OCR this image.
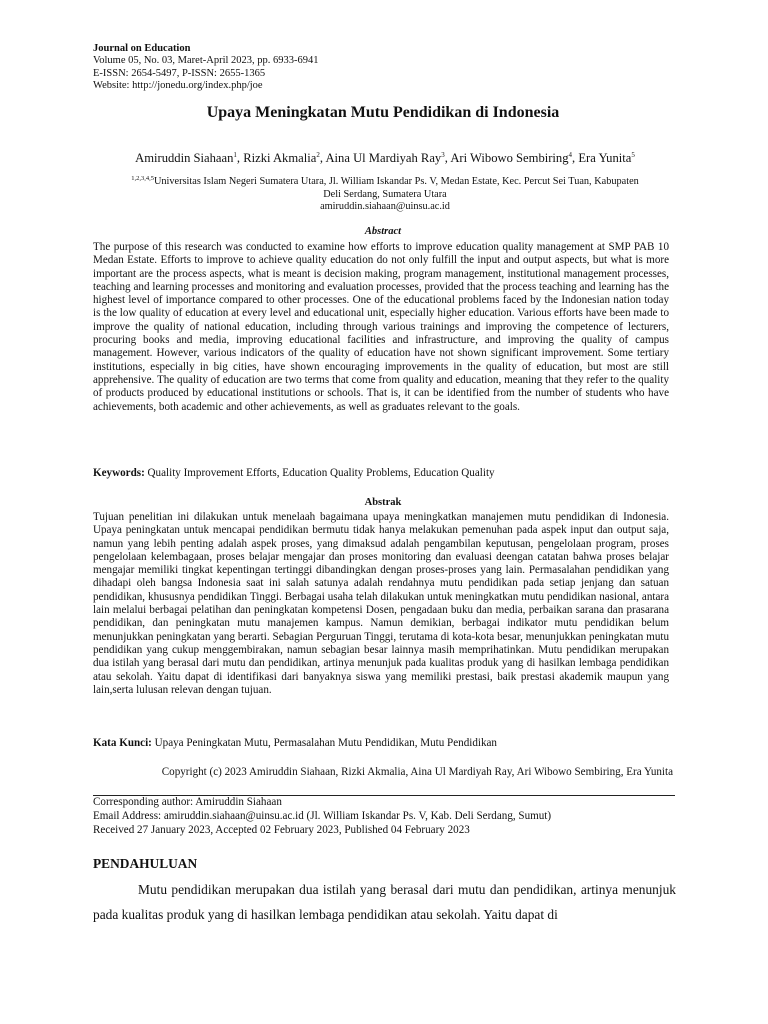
Journal on Education
Volume 05, No. 03, Maret-April 2023, pp. 6933-6941
E-ISSN: 2654-5497, P-ISSN: 2655-1365
Website: http://jonedu.org/index.php/joe
Upaya Meningkatan Mutu Pendidikan di Indonesia
Amiruddin Siahaan$^1$, Rizki Akmalia$^2$, Aina Ul Mardiyah Ray$^3$, Ari Wibowo Sembiring$^4$, Era Yunita$^5$
$^{1,2,3,4,5}$Universitas Islam Negeri Sumatera Utara, Jl. William Iskandar Ps. V, Medan Estate, Kec. Percut Sei Tuan, Kabupaten
Deli Serdang, Sumatera Utara
amiruddin.siahaan@uinsu.ac.id
Abstract

The purpose of this research was conducted to examine how efforts to improve education quality management at SMP PAB 10 Medan Estate. Efforts to improve to achieve quality education do not only fulfill the input and output aspects, but what is more important are the process aspects, what is meant is decision making, program management, institutional management processes, teaching and learning processes and monitoring and evaluation processes, provided that the process teaching and learning has the highest level of importance compared to other processes. One of the educational problems faced by the Indonesian nation today is the low quality of education at every level and educational unit, especially higher education. Various efforts have been made to improve the quality of national education, including through various trainings and improving the competence of lecturers, procuring books and media, improving educational facilities and infrastructure, and improving the quality of campus management. However, various indicators of the quality of education have not shown significant improvement. Some tertiary institutions, especially in big cities, have shown encouraging improvements in the quality of education, but most are still apprehensive. The quality of education are two terms that come from quality and education, meaning that they refer to the quality of products produced by educational institutions or schools. That is, it can be identified from the number of students who have achievements, both academic and other achievements, as well as graduates relevant to the goals.

Keywords: Quality Improvement Efforts, Education Quality Problems, Education Quality
Abstrak

Tujuan penelitian ini dilakukan untuk menelaah bagaimana upaya meningkatkan manajemen mutu pendidikan di Indonesia. Upaya peningkatan untuk mencapai pendidikan bermutu tidak hanya melakukan pemenuhan pada aspek input dan output saja, namun yang lebih penting adalah aspek proses, yang dimaksud adalah pengambilan keputusan, pengelolaan program, proses pengelolaan kelembagaan, proses belajar mengajar dan proses monitoring dan evaluasi deengan catatan bahwa proses belajar mengajar memiliki tingkat kepentingan tertinggi dibandingkan dengan proses-proses yang lain. Permasalahan pendidikan yang dihadapi oleh bangsa Indonesia saat ini salah satunya adalah rendahnya mutu pendidikan pada setiap jenjang dan satuan pendidikan, khususnya pendidikan Tinggi. Berbagai usaha telah dilakukan untuk meningkatkan mutu pendidikan nasional, antara lain melalui berbagai pelatihan dan peningkatan kompetensi Dosen, pengadaan buku dan media, perbaikan sarana dan prasarana pendidikan, dan peningkatan mutu manajemen kampus. Namun demikian, berbagai indikator mutu pendidikan belum menunjukkan peningkatan yang berarti. Sebagian Perguruan Tinggi, terutama di kota-kota besar, menunjukkan peningkatan mutu pendidikan yang cukup menggembirakan, namun sebagian besar lainnya masih memprihatinkan. Mutu pendidikan merupakan dua istilah yang berasal dari mutu dan pendidikan, artinya menunjuk pada kualitas produk yang di hasilkan lembaga pendidikan atau sekolah. Yaitu dapat di identifikasi dari banyaknya siswa yang memiliki prestasi, baik prestasi akademik maupun yang lain,serta lulusan relevan dengan tujuan.

Kata Kunci: Upaya Peningkatan Mutu, Permasalahan Mutu Pendidikan, Mutu Pendidikan
Copyright (c) 2023 Amiruddin Siahaan, Rizki Akmalia, Aina Ul Mardiyah Ray, Ari Wibowo Sembiring, Era Yunita
Corresponding author: Amiruddin Siahaan
Email Address: amiruddin.siahaan@uinsu.ac.id (Jl. William Iskandar Ps. V, Kab. Deli Serdang, Sumut)
Received 27 January 2023, Accepted 02 February 2023, Published 04 February 2023
PENDAHULUAN

Mutu pendidikan merupakan dua istilah yang berasal dari mutu dan pendidikan, artinya menunjuk pada kualitas produk yang di hasilkan lembaga pendidikan atau sekolah. Yaitu dapat di
